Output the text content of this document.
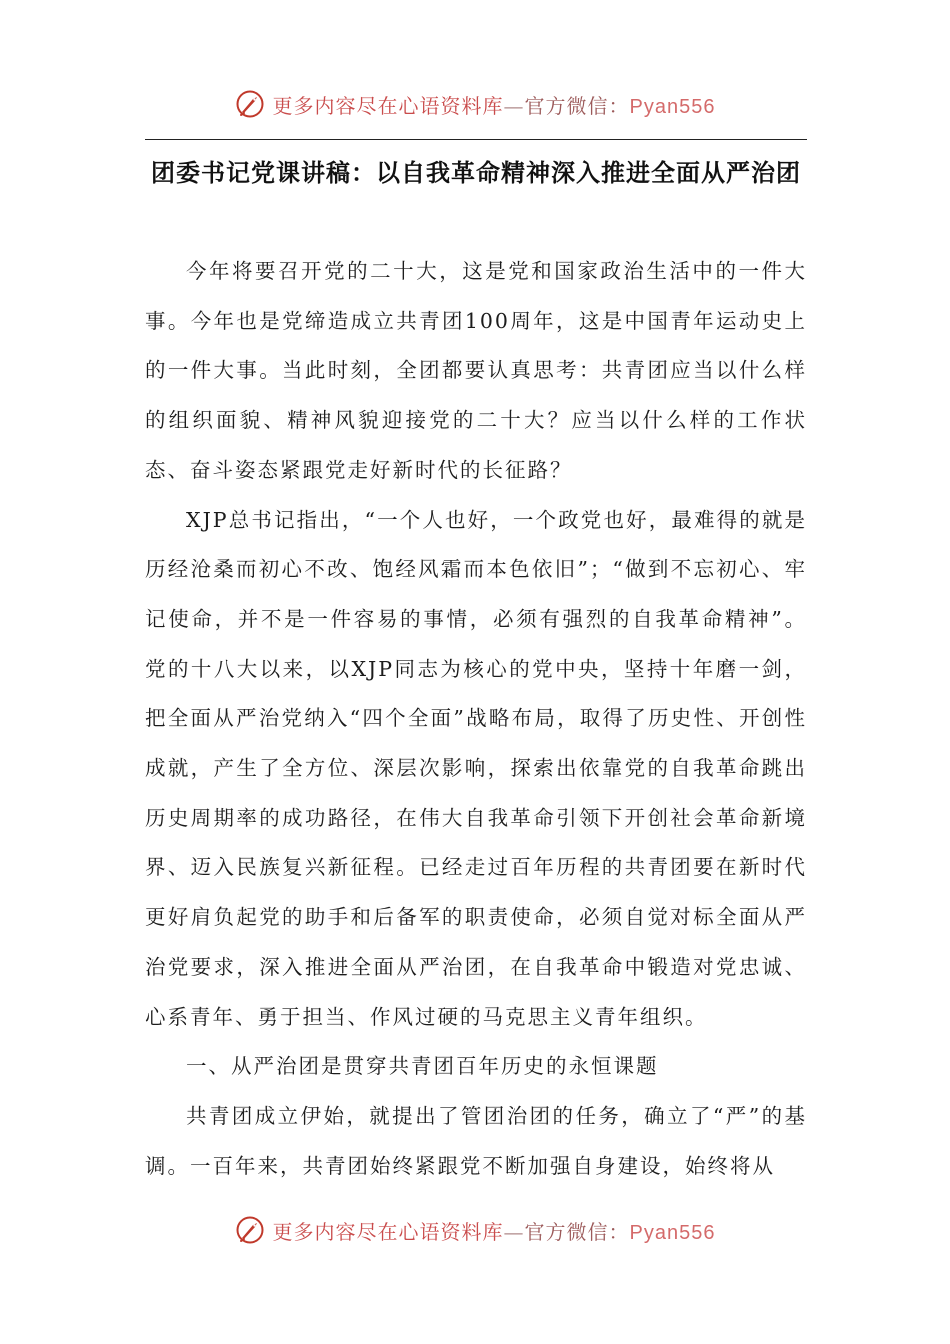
更多内容尽在心语资料库—官方微信：Pyan556
团委书记党课讲稿：以自我革命精神深入推进全面从严治团

今年将要召开党的二十大，这是党和国家政治生活中的一件大事。今年也是党缔造成立共青团100周年，这是中国青年运动史上的一件大事。当此时刻，全团都要认真思考：共青团应当以什么样的组织面貌、精神风貌迎接党的二十大？应当以什么样的工作状态、奋斗姿态紧跟党走好新时代的长征路？

XJP总书记指出，“一个人也好，一个政党也好，最难得的就是历经沧桑而初心不改、饱经风霜而本色依旧”；“做到不忘初心、牢记使命，并不是一件容易的事情，必须有强烈的自我革命精神”。党的十八大以来，以XJP同志为核心的党中央，坚持十年磨一剑，把全面从严治党纳入“四个全面”战略布局，取得了历史性、开创性成就，产生了全方位、深层次影响，探索出依靠党的自我革命跳出历史周期率的成功路径，在伟大自我革命引领下开创社会革命新境界、迈入民族复兴新征程。已经走过百年历程的共青团要在新时代更好肩负起党的助手和后备军的职责使命，必须自觉对标全面从严治党要求，深入推进全面从严治团，在自我革命中锻造对党忠诚、心系青年、勇于担当、作风过硬的马克思主义青年组织。

一、从严治团是贯穿共青团百年历史的永恒课题

共青团成立伊始，就提出了管团治团的任务，确立了“严”的基调。一百年来，共青团始终紧跟党不断加强自身建设，始终将从

更多内容尽在心语资料库—官方微信：Pyan556
